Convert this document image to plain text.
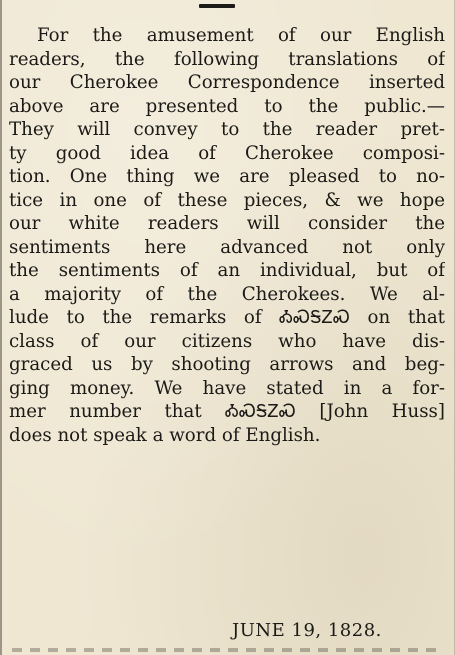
For the amusement of our English
readers, the following translations of
our Cherokee Correspondence inserted
above are presented to the public.—
They will convey to the reader pret-
ty good idea of Cherokee composi-
tion. One thing we are pleased to no-
tice in one of these pieces, & we hope
our white readers will consider the
sentiments here advanced not only
the sentiments of an individual, but of
a majority of the Cherokees. We al-
lude to the remarks of ᎣᏍᎦᏃᏍ on that
class of our citizens who have dis-
graced us by shooting arrows and beg-
ging money. We have stated in a for-
mer number that ᎣᏍᎦᏃᏍ [John Huss]
does not speak a word of English.
JUNE 19, 1828.
